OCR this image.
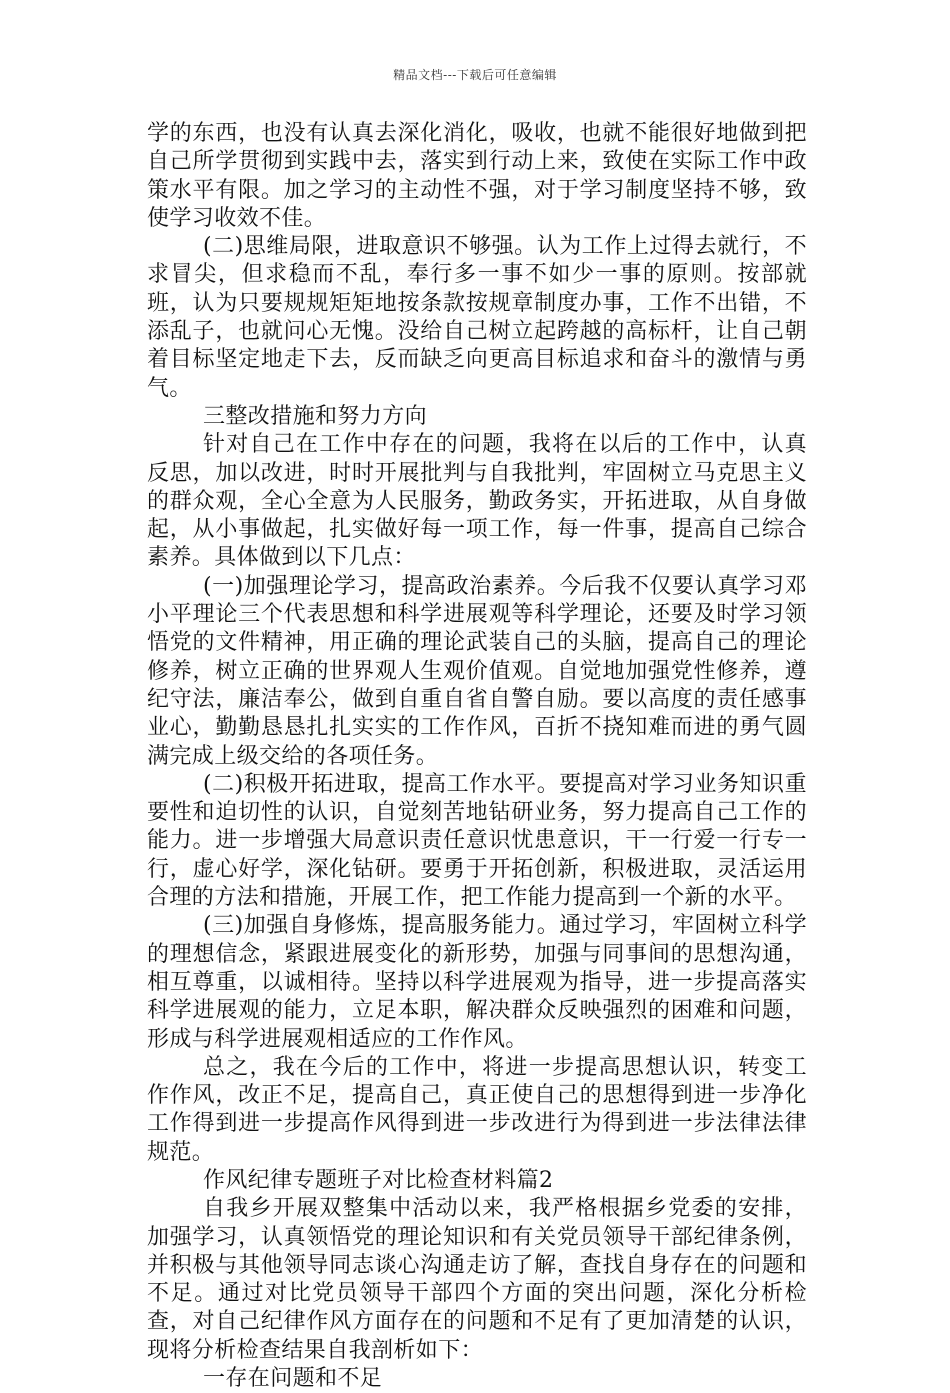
精品文档---下载后可任意编辑

学的东西，也没有认真去深化消化，吸收，也就不能很好地做到把自己所学贯彻到实践中去，落实到行动上来，致使在实际工作中政策水平有限。加之学习的主动性不强，对于学习制度坚持不够，致使学习收效不佳。

(二)思维局限，进取意识不够强。认为工作上过得去就行，不求冒尖，但求稳而不乱，奉行多一事不如少一事的原则。按部就班，认为只要规规矩矩地按条款按规章制度办事，工作不出错，不添乱子，也就问心无愧。没给自己树立起跨越的高标杆，让自己朝着目标坚定地走下去，反而缺乏向更高目标追求和奋斗的激情与勇气。

三整改措施和努力方向

针对自己在工作中存在的问题，我将在以后的工作中，认真反思，加以改进，时时开展批判与自我批判，牢固树立马克思主义的群众观，全心全意为人民服务，勤政务实，开拓进取，从自身做起，从小事做起，扎实做好每一项工作，每一件事，提高自己综合素养。具体做到以下几点：

(一)加强理论学习，提高政治素养。今后我不仅要认真学习邓小平理论三个代表思想和科学进展观等科学理论，还要及时学习领悟党的文件精神，用正确的理论武装自己的头脑，提高自己的理论修养，树立正确的世界观人生观价值观。自觉地加强党性修养，遵纪守法，廉洁奉公，做到自重自省自警自励。要以高度的责任感事业心，勤勤恳恳扎扎实实的工作作风，百折不挠知难而进的勇气圆满完成上级交给的各项任务。

(二)积极开拓进取，提高工作水平。要提高对学习业务知识重要性和迫切性的认识，自觉刻苦地钻研业务，努力提高自己工作的能力。进一步增强大局意识责任意识忧患意识，干一行爱一行专一行，虚心好学，深化钻研。要勇于开拓创新，积极进取，灵活运用合理的方法和措施，开展工作，把工作能力提高到一个新的水平。

(三)加强自身修炼，提高服务能力。通过学习，牢固树立科学的理想信念，紧跟进展变化的新形势，加强与同事间的思想沟通，相互尊重，以诚相待。坚持以科学进展观为指导，进一步提高落实科学进展观的能力，立足本职，解决群众反映强烈的困难和问题，形成与科学进展观相适应的工作作风。

总之，我在今后的工作中，将进一步提高思想认识，转变工作作风，改正不足，提高自己，真正使自己的思想得到进一步净化工作得到进一步提高作风得到进一步改进行为得到进一步法律法律规范。

作风纪律专题班子对比检查材料篇2

自我乡开展双整集中活动以来，我严格根据乡党委的安排，加强学习，认真领悟党的理论知识和有关党员领导干部纪律条例，并积极与其他领导同志谈心沟通走访了解，查找自身存在的问题和不足。通过对比党员领导干部四个方面的突出问题，深化分析检查，对自己纪律作风方面存在的问题和不足有了更加清楚的认识，现将分析检查结果自我剖析如下：

一存在问题和不足
